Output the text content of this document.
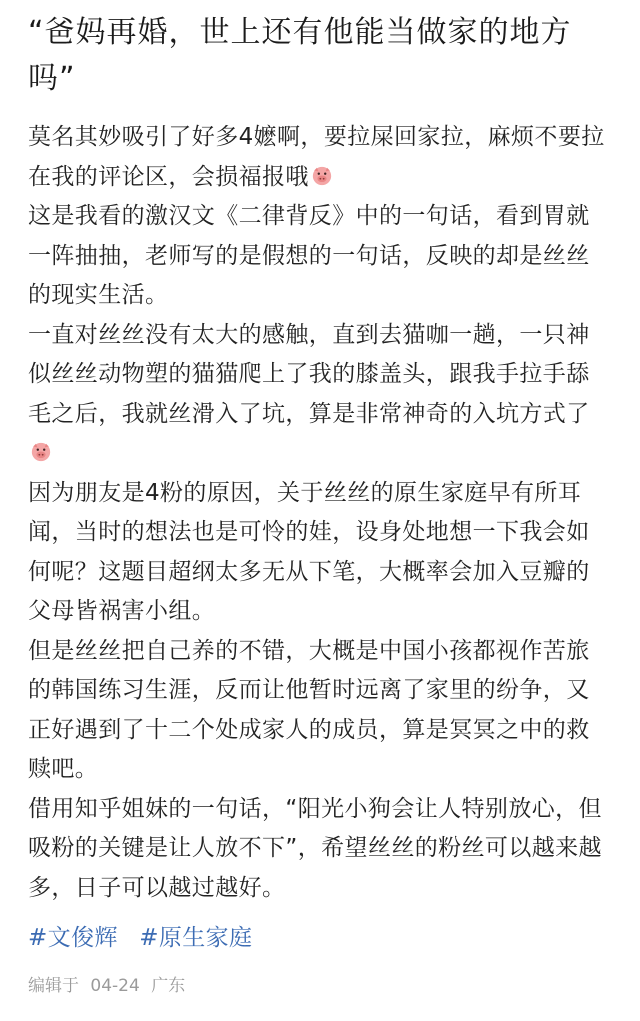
“爸妈再婚，世上还有他能当做家的地方吗”

莫名其妙吸引了好多4嬷啊，要拉屎回家拉，麻烦不要拉在我的评论区，会损福报哦

这是我看的激汉文《二律背反》中的一句话，看到胃就一阵抽抽，老师写的是假想的一句话，反映的却是丝丝的现实生活。

一直对丝丝没有太大的感触，直到去猫咖一趟，一只神似丝丝动物塑的猫猫爬上了我的膝盖头，跟我手拉手舔毛之后，我就丝滑入了坑，算是非常神奇的入坑方式了

因为朋友是4粉的原因，关于丝丝的原生家庭早有所耳闻，当时的想法也是可怜的娃，设身处地想一下我会如何呢？这题目超纲太多无从下笔，大概率会加入豆瓣的父母皆祸害小组。

但是丝丝把自己养的不错，大概是中国小孩都视作苦旅的韩国练习生涯，反而让他暂时远离了家里的纷争，又正好遇到了十二个处成家人的成员，算是冥冥之中的救赎吧。

借用知乎姐妹的一句话，“阳光小狗会让人特别放心，但吸粉的关键是让人放不下”，希望丝丝的粉丝可以越来越多，日子可以越过越好。

#文俊辉 #原生家庭
编辑于 04-24 广东
